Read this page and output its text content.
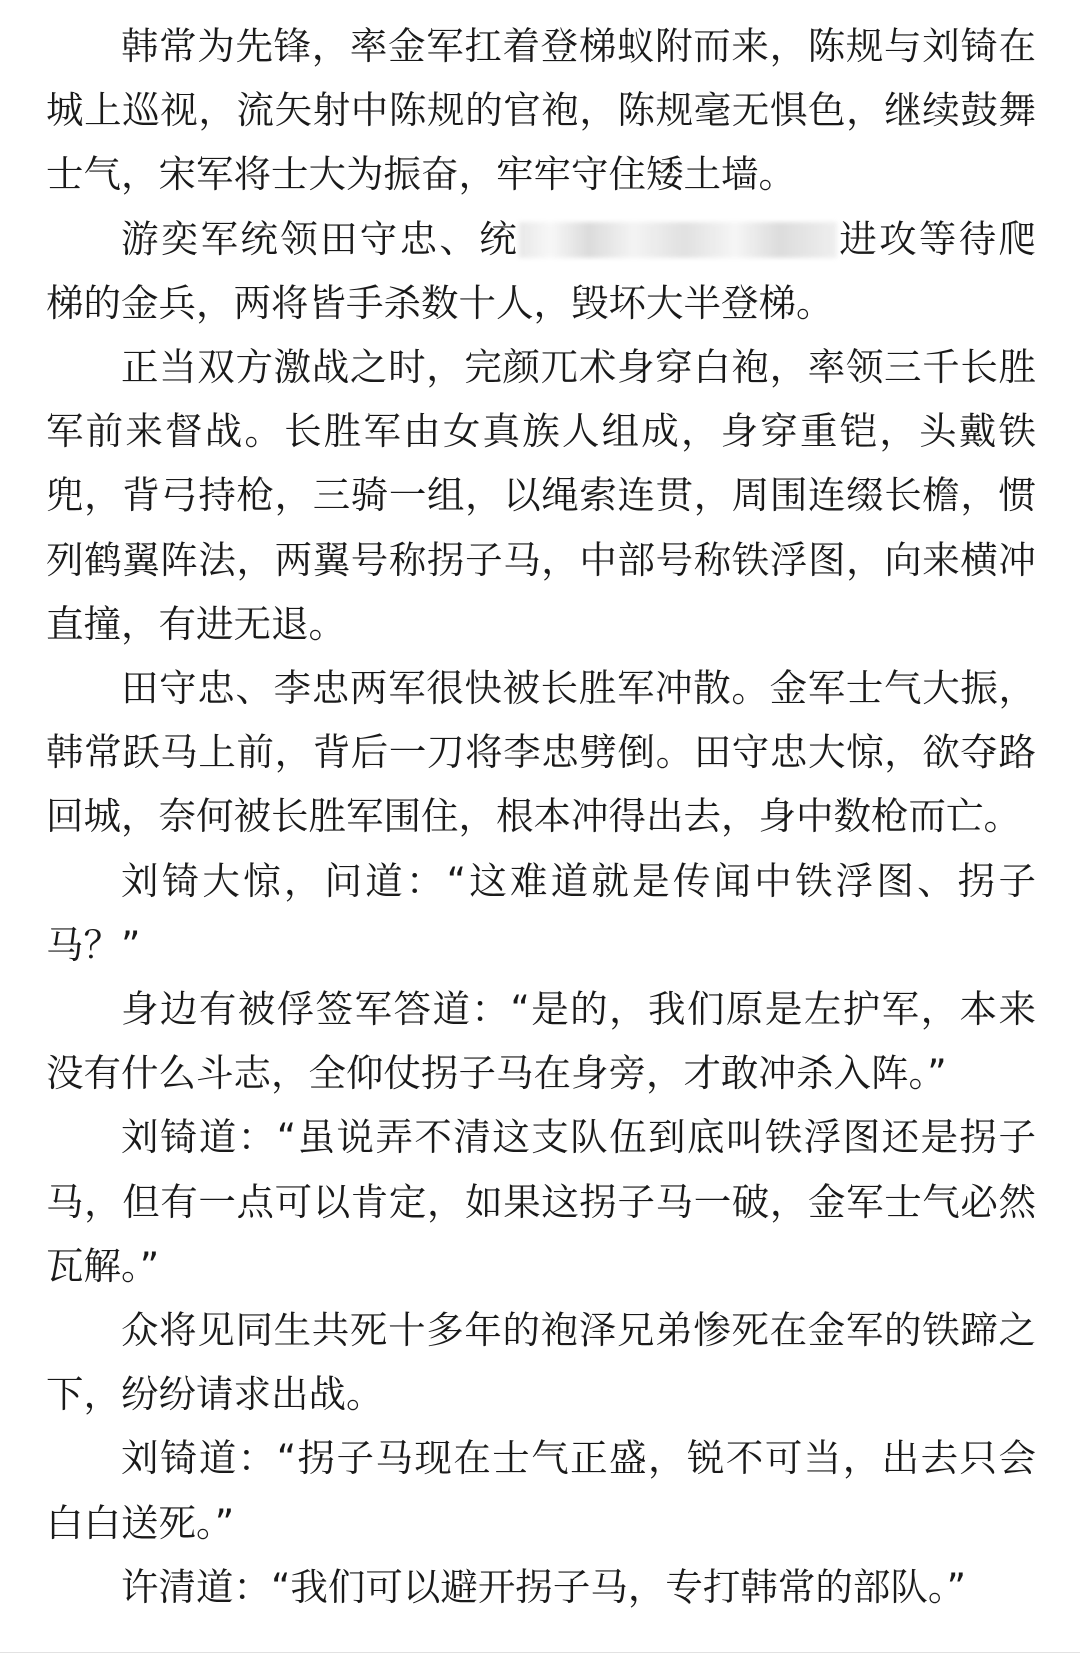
韩常为先锋，率金军扛着登梯蚁附而来，陈规与刘锜在城上巡视，流矢射中陈规的官袍，陈规毫无惧色，继续鼓舞士气，宋军将士大为振奋，牢牢守住矮土墙。

游奕军统领田守忠、统	进攻等待爬梯的金兵，两将皆手杀数十人，毁坏大半登梯。

正当双方激战之时，完颜兀术身穿白袍，率领三千长胜军前来督战。长胜军由女真族人组成，身穿重铠，头戴铁兜，背弓持枪，三骑一组，以绳索连贯，周围连缀长檐，惯列鹤翼阵法，两翼号称拐子马，中部号称铁浮图，向来横冲直撞，有进无退。

田守忠、李忠两军很快被长胜军冲散。金军士气大振，韩常跃马上前，背后一刀将李忠劈倒。田守忠大惊，欲夺路回城，奈何被长胜军围住，根本冲得出去，身中数枪而亡。

刘锜大惊，问道：“这难道就是传闻中铁浮图、拐子马？”

身边有被俘签军答道：“是的，我们原是左护军，本来没有什么斗志，全仰仗拐子马在身旁，才敢冲杀入阵。”

刘锜道：“虽说弄不清这支队伍到底叫铁浮图还是拐子马，但有一点可以肯定，如果这拐子马一破，金军士气必然瓦解。”

众将见同生共死十多年的袍泽兄弟惨死在金军的铁蹄之下，纷纷请求出战。

刘锜道：“拐子马现在士气正盛，锐不可当，出去只会白白送死。”

许清道：“我们可以避开拐子马，专打韩常的部队。”
